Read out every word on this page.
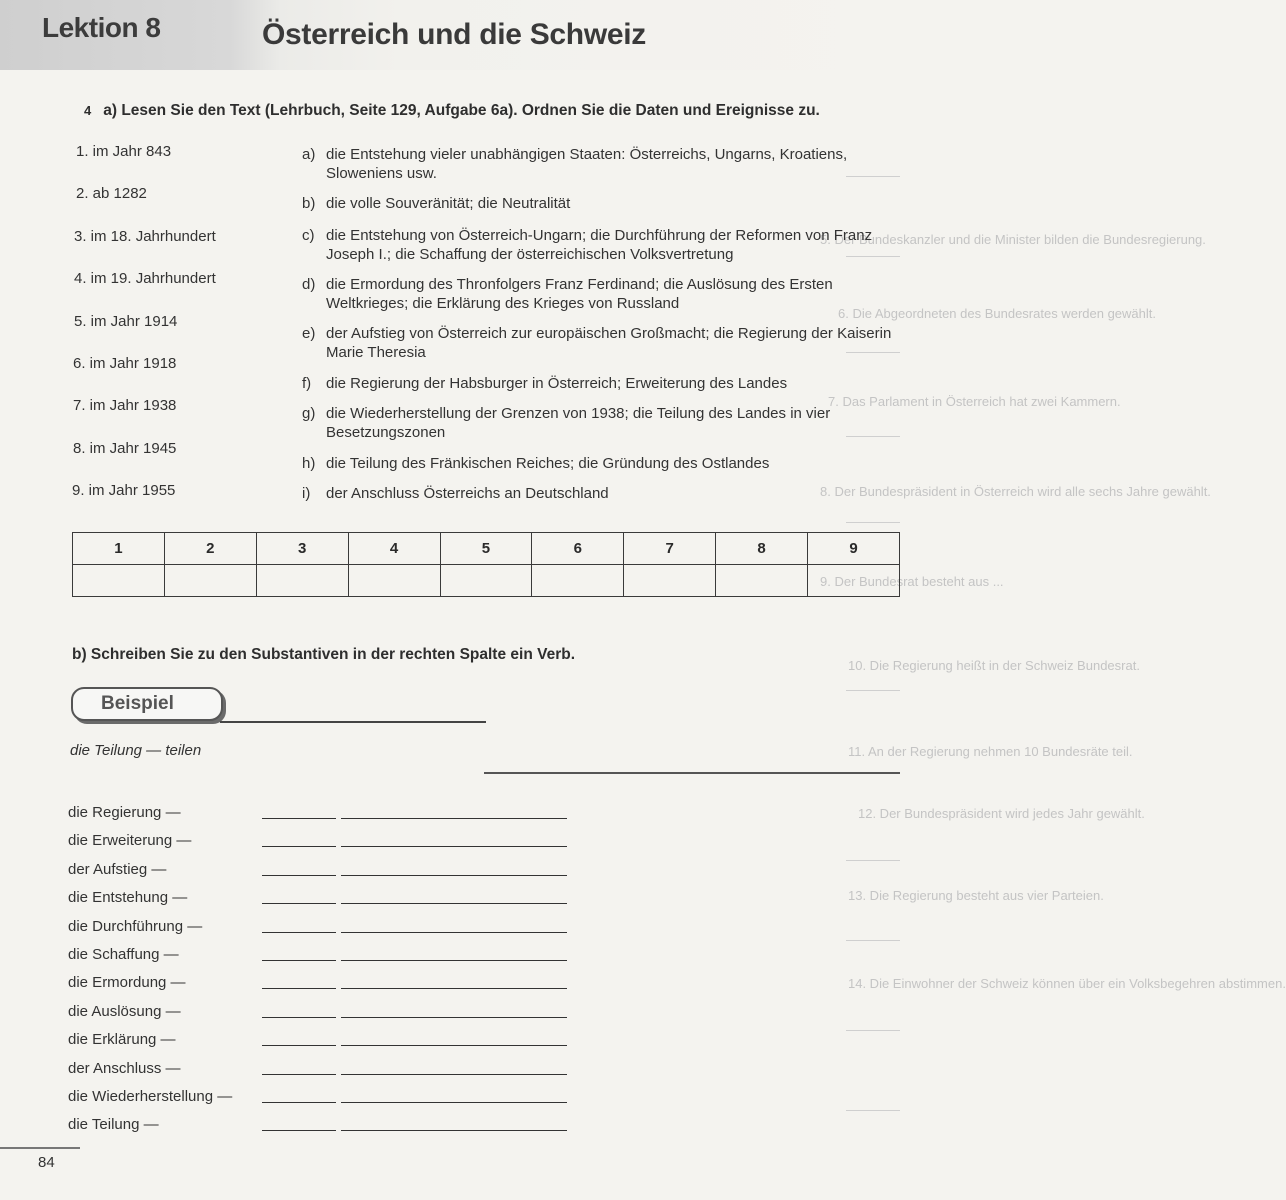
Lektion 8	Österreich und die Schweiz
5. Der Bundeskanzler und die Minister bilden die Bundesregierung.
6. Die Abgeordneten des Bundesrates werden gewählt.
7. Das Parlament in Österreich hat zwei Kammern.
8. Der Bundespräsident in Österreich wird alle sechs Jahre gewählt.
9. Der Bundesrat besteht aus ...
10. Die Regierung heißt in der Schweiz Bundesrat.
11. An der Regierung nehmen 10 Bundesräte teil.
12. Der Bundespräsident wird jedes Jahr gewählt.
13. Die Regierung besteht aus vier Parteien.
14. Die Einwohner der Schweiz können über ein Volksbegehren abstimmen.
4 a) Lesen Sie den Text (Lehrbuch, Seite 129, Aufgabe 6a). Ordnen Sie die Daten und Ereignisse zu.
1. im Jahr 843
2. ab 1282
3. im 18. Jahrhundert
4. im 19. Jahrhundert
5. im Jahr 1914
6. im Jahr 1918
7. im Jahr 1938
8. im Jahr 1945
9. im Jahr 1955
a) die Entstehung vieler unabhängigen Staaten: Österreichs, Ungarns, Kroatiens, Sloweniens usw.
b) die volle Souveränität; die Neutralität
c) die Entstehung von Österreich-Ungarn; die Durchführung der Reformen von Franz Joseph I.; die Schaffung der österreichischen Volksvertretung
d) die Ermordung des Thronfolgers Franz Ferdinand; die Auslösung des Ersten Weltkrieges; die Erklärung des Krieges von Russland
e) der Aufstieg von Österreich zur europäischen Großmacht; die Regierung der Kaiserin Marie Theresia
f) die Regierung der Habsburger in Österreich; Erweiterung des Landes
g) die Wiederherstellung der Grenzen von 1938; die Teilung des Landes in vier Besetzungszonen
h) die Teilung des Fränkischen Reiches; die Gründung des Ostlandes
i)	der Anschluss Österreichs an Deutschland
1	2	3	4	5	6	7	8	9

b) Schreiben Sie zu den Substantiven in der rechten Spalte ein Verb.
Beispiel
die Teilung — teilen
die Regierung —
die Erweiterung —
der Aufstieg —
die Entstehung —
die Durchführung —
die Schaffung —
die Ermordung —
die Auslösung —
die Erklärung —
der Anschluss —
die Wiederherstellung —
die Teilung —
84
